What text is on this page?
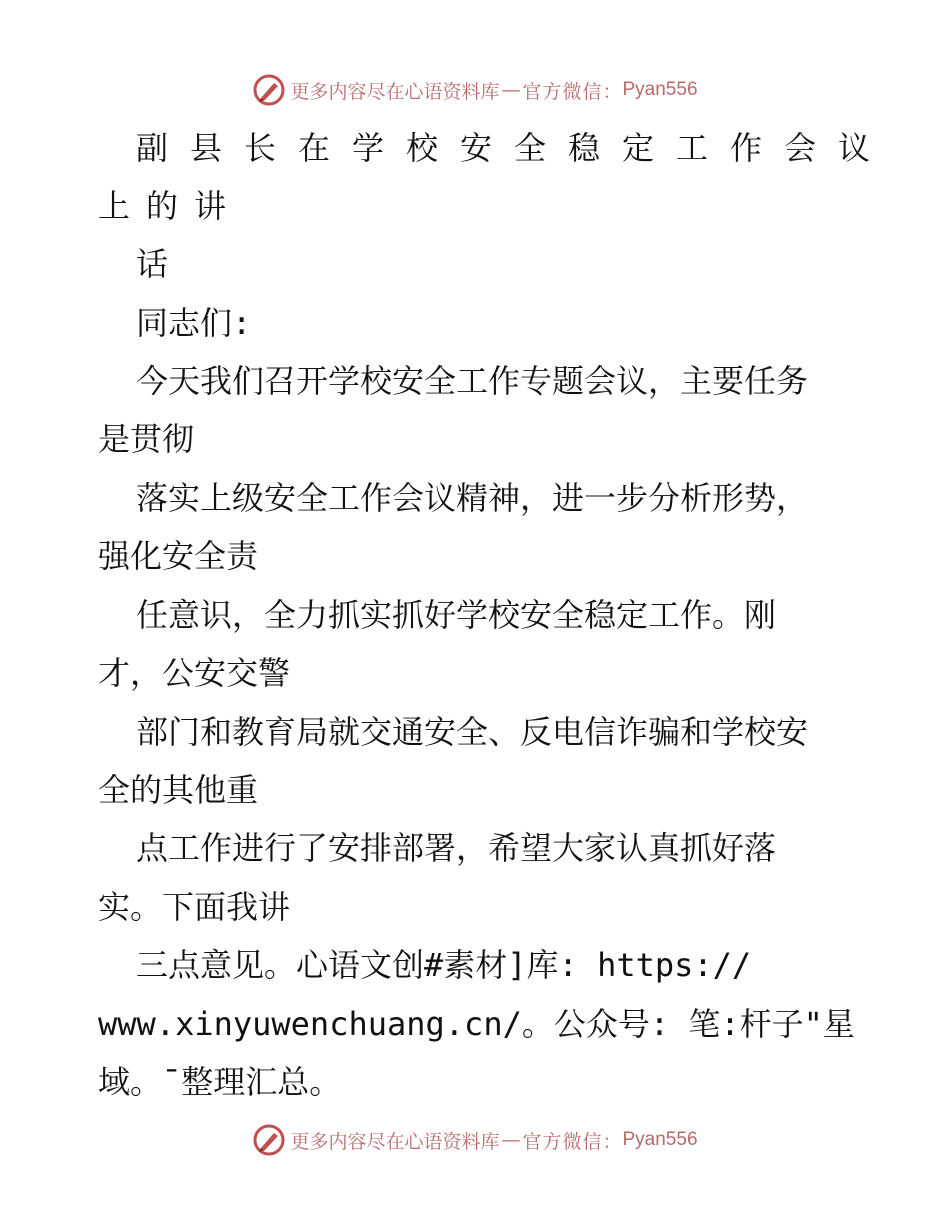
更多内容尽在心语资料库 — 官方微信： Pyan556
副县长在学校安全稳定工作会议
上的讲
话
同志们:
今天我们召开学校安全工作专题会议，主要任务
是贯彻
落实上级安全工作会议精神，进一步分析形势，
强化安全责
任意识，全力抓实抓好学校安全稳定工作。刚
才，公安交警
部门和教育局就交通安全、反电信诈骗和学校安
全的其他重
点工作进行了安排部署，希望大家认真抓好落
实。下面我讲
三点意见。心语文创#素材]库: https://
www.xinyuwenchuang.cn/。公众号: 笔:杆子"星
域。¯整理汇总。
更多内容尽在心语资料库 — 官方微信： Pyan556
